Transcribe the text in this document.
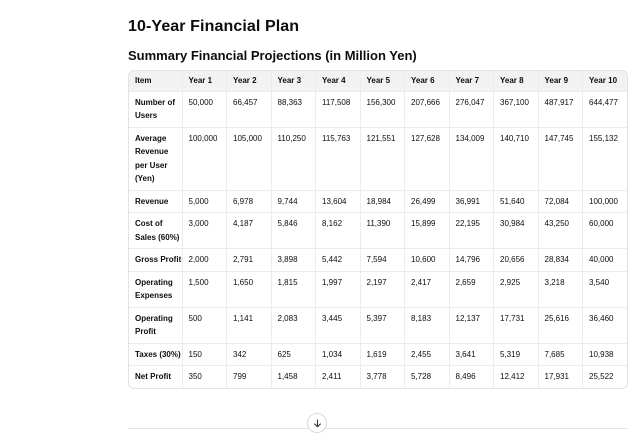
10-Year Financial Plan
Summary Financial Projections (in Million Yen)
Item	Year 1	Year 2	Year 3	Year 4	Year 5	Year 6	Year 7	Year 8	Year 9	Year 10
Number of Users	50,000	66,457	88,363	117,508	156,300	207,666	276,047	367,100	487,917	644,477
Average Revenue per User (Yen)	100,000	105,000	110,250	115,763	121,551	127,628	134,009	140,710	147,745	155,132
Revenue	5,000	6,978	9,744	13,604	18,984	26,499	36,991	51,640	72,084	100,000
Cost of Sales (60%)	3,000	4,187	5,846	8,162	11,390	15,899	22,195	30,984	43,250	60,000
Gross Profit	2,000	2,791	3,898	5,442	7,594	10,600	14,796	20,656	28,834	40,000
Operating Expenses	1,500	1,650	1,815	1,997	2,197	2,417	2,659	2,925	3,218	3,540
Operating Profit	500	1,141	2,083	3,445	5,397	8,183	12,137	17,731	25,616	36,460
Taxes (30%)	150	342	625	1,034	1,619	2,455	3,641	5,319	7,685	10,938
Net Profit	350	799	1,458	2,411	3,778	5,728	8,496	12,412	17,931	25,522
